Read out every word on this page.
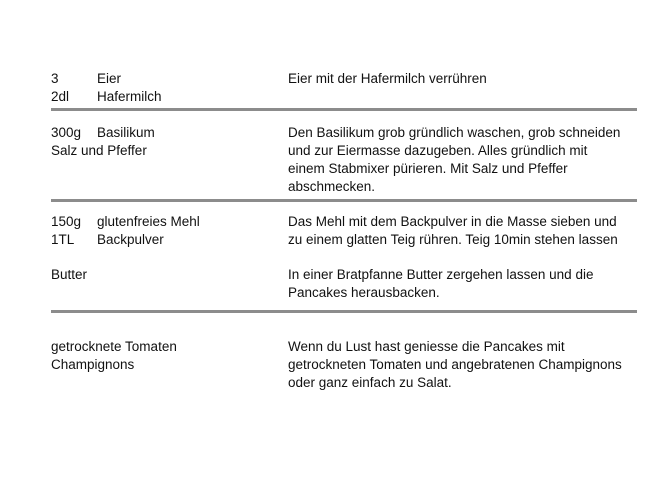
3	Eier
2dl Hafermilch
Eier mit der Hafermilch verrühren
300g Basilikum
Salz und Pfeffer
Den Basilikum grob gründlich waschen, grob schneiden
und zur Eiermasse dazugeben. Alles gründlich mit
einem Stabmixer pürieren. Mit Salz und Pfeffer
abschmecken.
150g glutenfreies Mehl
1TL Backpulver
Das Mehl mit dem Backpulver in die Masse sieben und
zu einem glatten Teig rühren. Teig 10min stehen lassen
Butter	In einer Bratpfanne Butter zergehen lassen und die
Pancakes herausbacken.
getrocknete Tomaten
Champignons
Wenn du Lust hast geniesse die Pancakes mit
getrockneten Tomaten und angebratenen Champignons
oder ganz einfach zu Salat.
